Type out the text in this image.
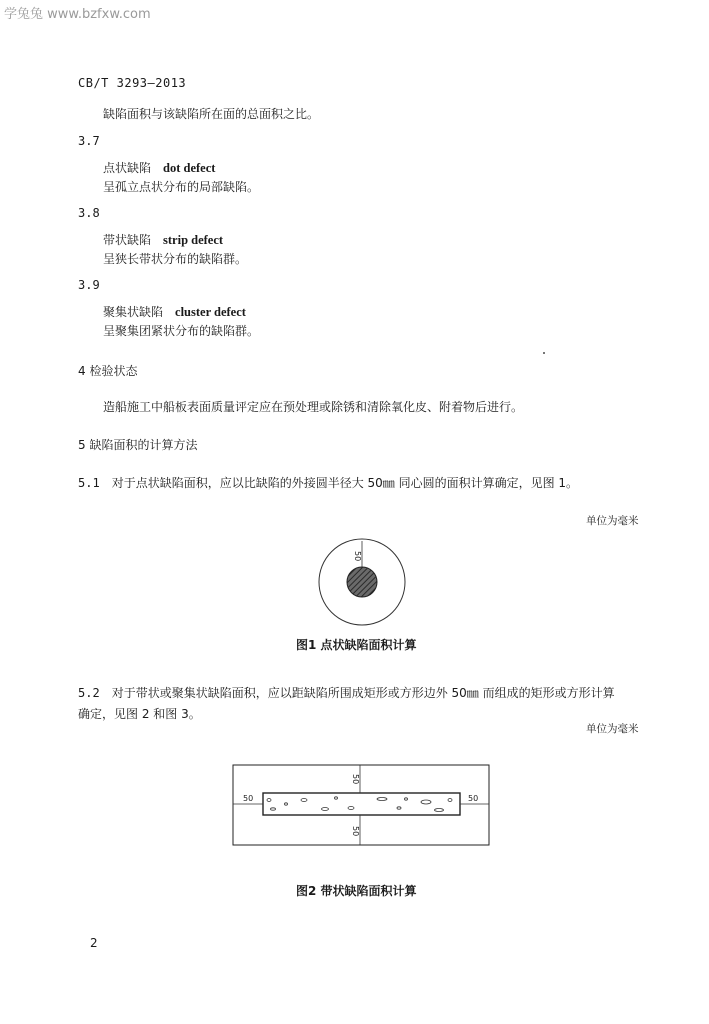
学兔兔 www.bzfxw.com
CB/T 3293—2013
缺陷面积与该缺陷所在面的总面积之比。
3.7
点状缺陷 dot defect
呈孤立点状分布的局部缺陷。
3.8
带状缺陷 strip defect
呈狭长带状分布的缺陷群。
3.9
聚集状缺陷 cluster defect
呈聚集团紧状分布的缺陷群。
4 检验状态
造船施工中船板表面质量评定应在预处理或除锈和清除氧化皮、附着物后进行。
5 缺陷面积的计算方法
5.1 对于点状缺陷面积，应以比缺陷的外接圆半径大 50㎜ 同心圆的面积计算确定，见图 1。
单位为毫米
50
图1 点状缺陷面积计算
5.2 对于带状或聚集状缺陷面积，应以距缺陷所围成矩形或方形边外 50㎜ 而组成的矩形或方形计算
确定，见图 2 和图 3。
单位为毫米
50
50
50	50
图2 带状缺陷面积计算
2
